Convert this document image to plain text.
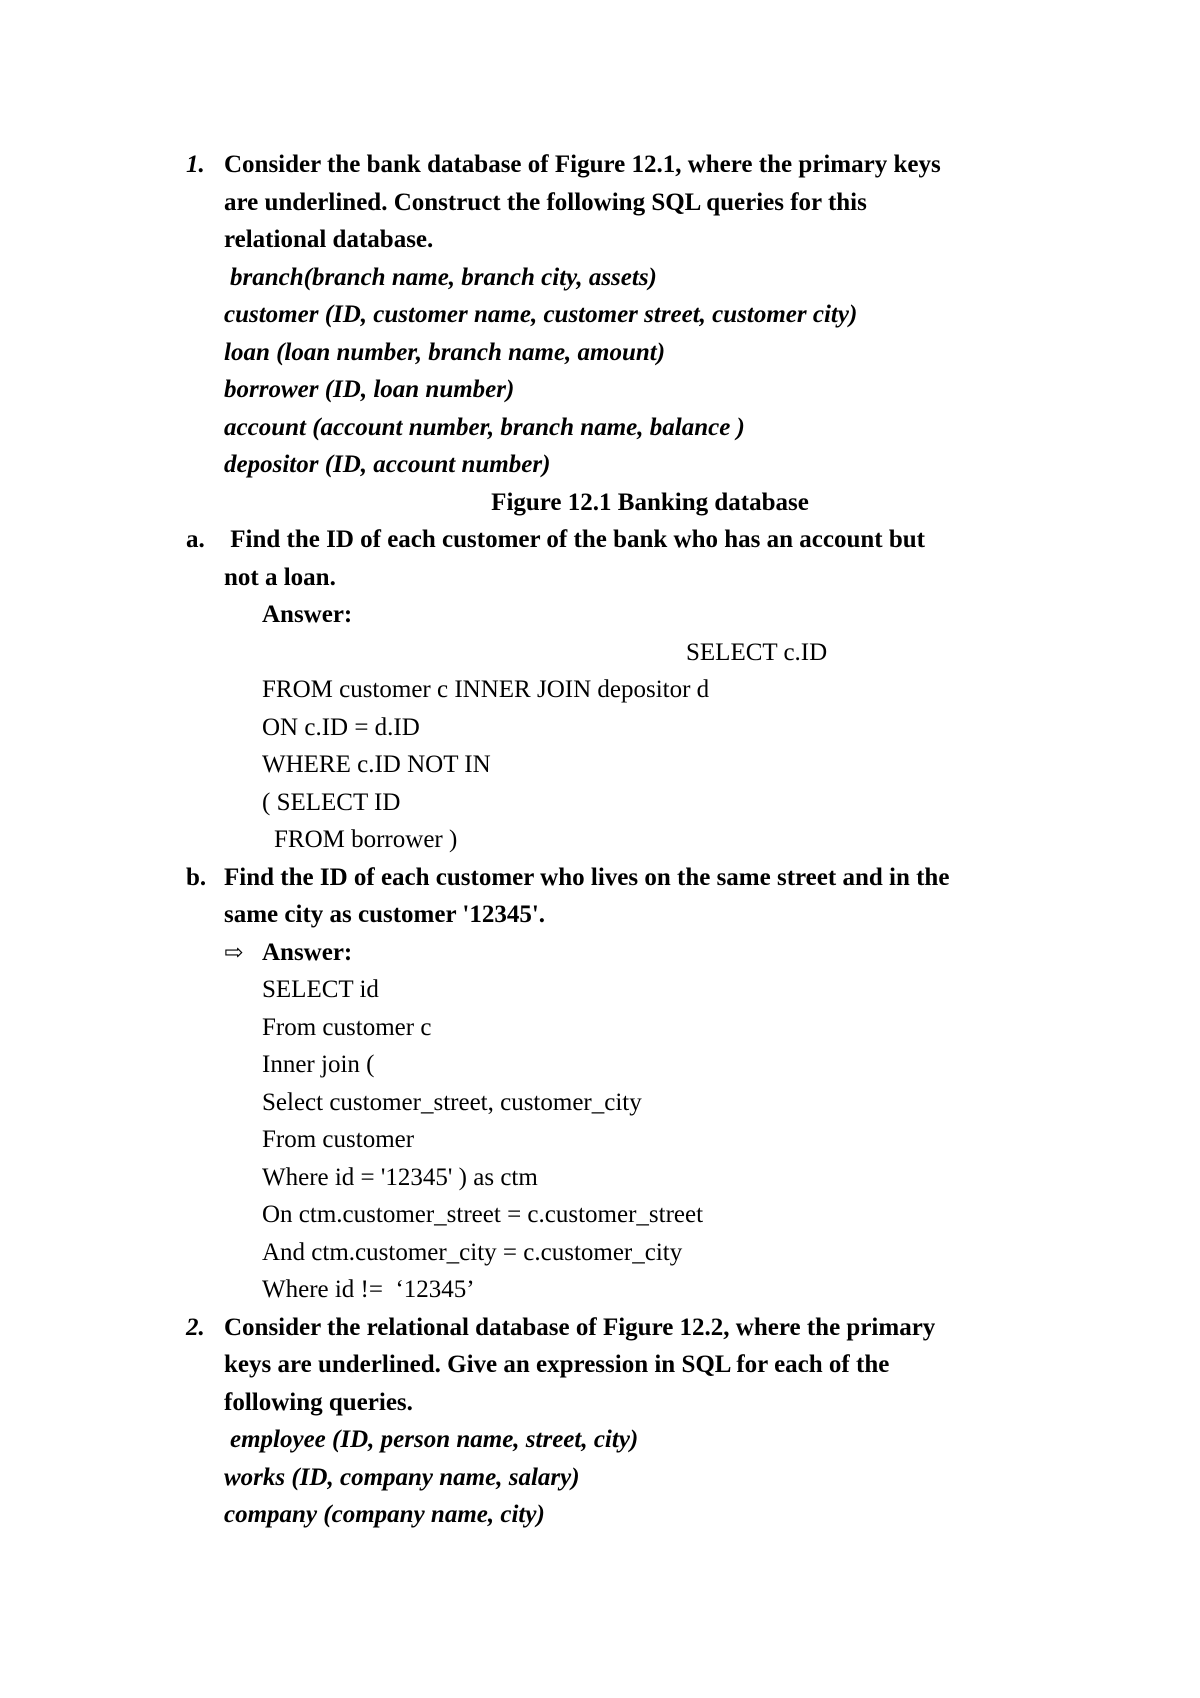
1.

Consider the bank database of Figure 12.1, where the primary keys

are underlined. Construct the following SQL queries for this

relational database.

branch(branch name, branch city, assets)

customer (ID, customer name, customer street, customer city)

loan (loan number, branch name, amount)

borrower (ID, loan number)

account (account number, branch name, balance )

depositor (ID, account number)

Figure 12.1 Banking database

a.

Find the ID of each customer of the bank who has an account but

not a loan.

Answer:

SELECT c.ID

FROM customer c INNER JOIN depositor d

ON c.ID = d.ID

WHERE c.ID NOT IN

( SELECT ID

FROM borrower )

b.

Find the ID of each customer who lives on the same street and in the

same city as customer '12345'.

⇨

Answer:

SELECT id

From customer c

Inner join (

Select customer_street, customer_city

From customer

Where id = '12345' ) as ctm

On ctm.customer_street = c.customer_street

And ctm.customer_city = c.customer_city

Where id !=  ‘12345’

2.

Consider the relational database of Figure 12.2, where the primary

keys are underlined. Give an expression in SQL for each of the

following queries.

employee (ID, person name, street, city)

works (ID, company name, salary)

company (company name, city)
